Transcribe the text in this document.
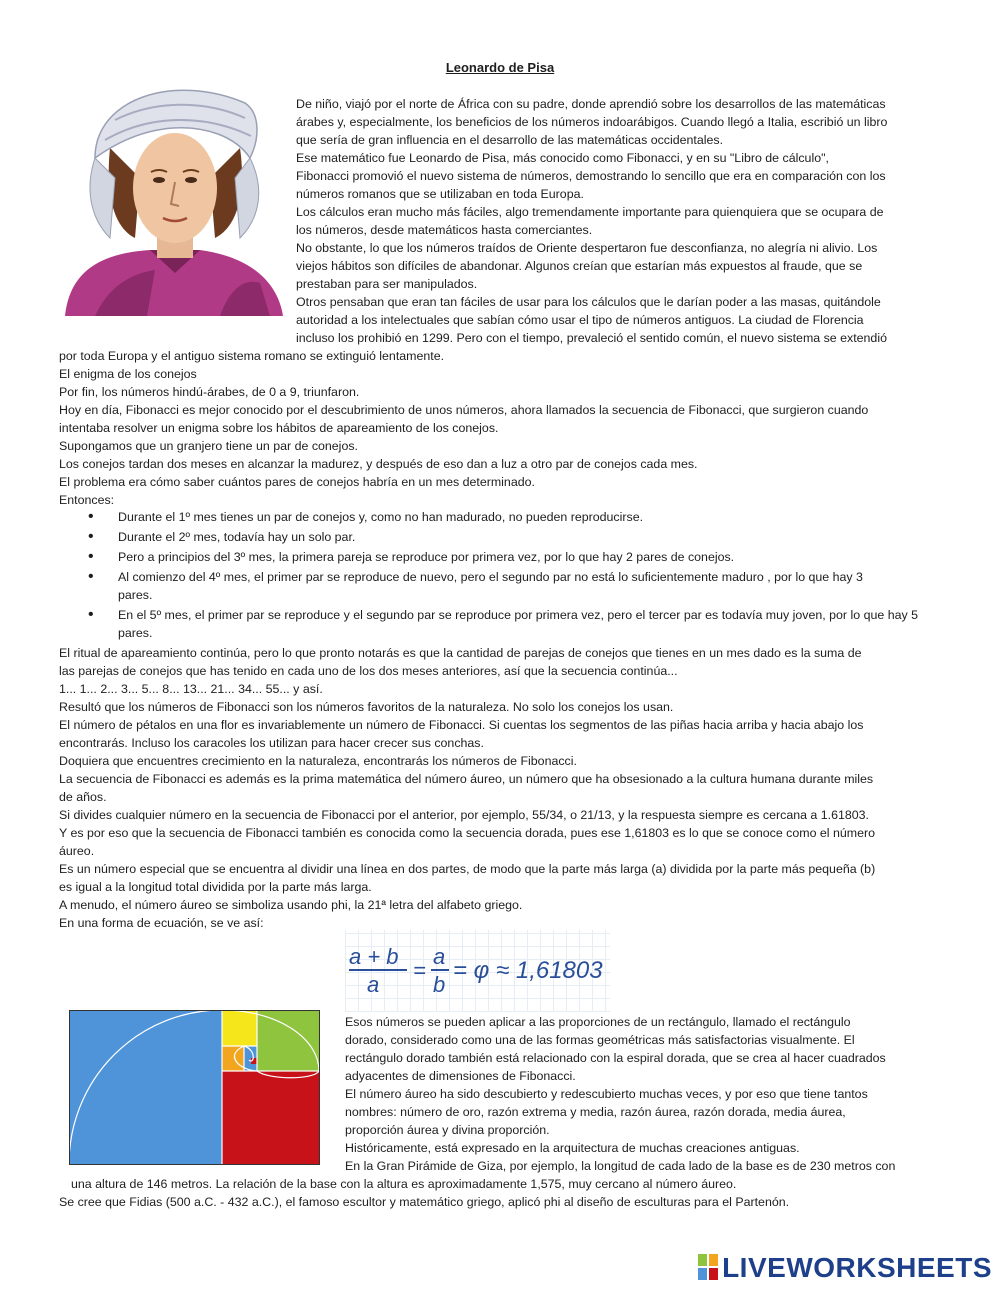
Leonardo de Pisa
Retrato de Leonardo de Pisa

De niño, viajó por el norte de África con su padre, donde aprendió sobre los desarrollos de las matemáticas

árabes y, especialmente, los beneficios de los números indoarábigos. Cuando llegó a Italia, escribió un libro

que sería de gran influencia en el desarrollo de las matemáticas occidentales.

Ese matemático fue Leonardo de Pisa, más conocido como Fibonacci, y en su "Libro de cálculo",

Fibonacci promovió el nuevo sistema de números, demostrando lo sencillo que era en comparación con los

números romanos que se utilizaban en toda Europa.

Los cálculos eran mucho más fáciles, algo tremendamente importante para quienquiera que se ocupara de

los números, desde matemáticos hasta comerciantes.

No obstante, lo que los números traídos de Oriente despertaron fue desconfianza, no alegría ni alivio. Los

viejos hábitos son difíciles de abandonar. Algunos creían que estarían más expuestos al fraude, que se

prestaban para ser manipulados.

Otros pensaban que eran tan fáciles de usar para los cálculos que le darían poder a las masas, quitándole

autoridad a los intelectuales que sabían cómo usar el tipo de números antiguos. La ciudad de Florencia

incluso los prohibió en 1299. Pero con el tiempo, prevaleció el sentido común, el nuevo sistema se extendió

por toda Europa y el antiguo sistema romano se extinguió lentamente.

El enigma de los conejos

Por fin, los números hindú-árabes, de 0 a 9, triunfaron.

Hoy en día, Fibonacci es mejor conocido por el descubrimiento de unos números, ahora llamados la secuencia de Fibonacci, que surgieron cuando

intentaba resolver un enigma sobre los hábitos de apareamiento de los conejos.

Supongamos que un granjero tiene un par de conejos.

Los conejos tardan dos meses en alcanzar la madurez, y después de eso dan a luz a otro par de conejos cada mes.

El problema era cómo saber cuántos pares de conejos habría en un mes determinado.

Entonces:

• Durante el 1º mes tienes un par de conejos y, como no han madurado, no pueden reproducirse.
• Durante el 2º mes, todavía hay un solo par.
• Pero a principios del 3º mes, la primera pareja se reproduce por primera vez, por lo que hay 2 pares de conejos.
• Al comienzo del 4º mes, el primer par se reproduce de nuevo, pero el segundo par no está lo suficientemente maduro , por lo que hay 3 pares.
• En el 5º mes, el primer par se reproduce y el segundo par se reproduce por primera vez, pero el tercer par es todavía muy joven, por lo que hay 5 pares.

El ritual de apareamiento continúa, pero lo que pronto notarás es que la cantidad de parejas de conejos que tienes en un mes dado es la suma de

las parejas de conejos que has tenido en cada uno de los dos meses anteriores, así que la secuencia continúa...

1... 1... 2... 3... 5... 8... 13... 21... 34... 55... y así.

Resultó que los números de Fibonacci son los números favoritos de la naturaleza. No solo los conejos los usan.

El número de pétalos en una flor es invariablemente un número de Fibonacci. Si cuentas los segmentos de las piñas hacia arriba y hacia abajo los

encontrarás. Incluso los caracoles los utilizan para hacer crecer sus conchas.

Doquiera que encuentres crecimiento en la naturaleza, encontrarás los números de Fibonacci.

La secuencia de Fibonacci es además es la prima matemática del número áureo, un número que ha obsesionado a la cultura humana durante miles

de años.

Si divides cualquier número en la secuencia de Fibonacci por el anterior, por ejemplo, 55/34, o 21/13, y la respuesta siempre es cercana a 1.61803.

Y es por eso que la secuencia de Fibonacci también es conocida como la secuencia dorada, pues ese 1,61803 es lo que se conoce como el número

áureo.

Es un número especial que se encuentra al dividir una línea en dos partes, de modo que la parte más larga (a) dividida por la parte más pequeña (b)

es igual a la longitud total dividida por la parte más larga.

A menudo, el número áureo se simboliza usando phi, la 21ª letra del alfabeto griego.

En una forma de ecuación, se ve así:

a + b
a
=
a
b
= φ ≈ 1,61803

Esos números se pueden aplicar a las proporciones de un rectángulo, llamado el rectángulo

dorado, considerado como una de las formas geométricas más satisfactorias visualmente. El

rectángulo dorado también está relacionado con la espiral dorada, que se crea al hacer cuadrados

adyacentes de dimensiones de Fibonacci.

El número áureo ha sido descubierto y redescubierto muchas veces, y por eso que tiene tantos

nombres: número de oro, razón extrema y media, razón áurea, razón dorada, media áurea,

proporción áurea y divina proporción.

Históricamente, está expresado en la arquitectura de muchas creaciones antiguas.

En la Gran Pirámide de Giza, por ejemplo, la longitud de cada lado de la base es de 230 metros con

una altura de 146 metros. La relación de la base con la altura es aproximadamente 1,575, muy cercano al número áureo.

Se cree que Fidias (500 a.C. - 432 a.C.), el famoso escultor y matemático griego, aplicó phi al diseño de esculturas para el Partenón.

LIVEWORKSHEETS
